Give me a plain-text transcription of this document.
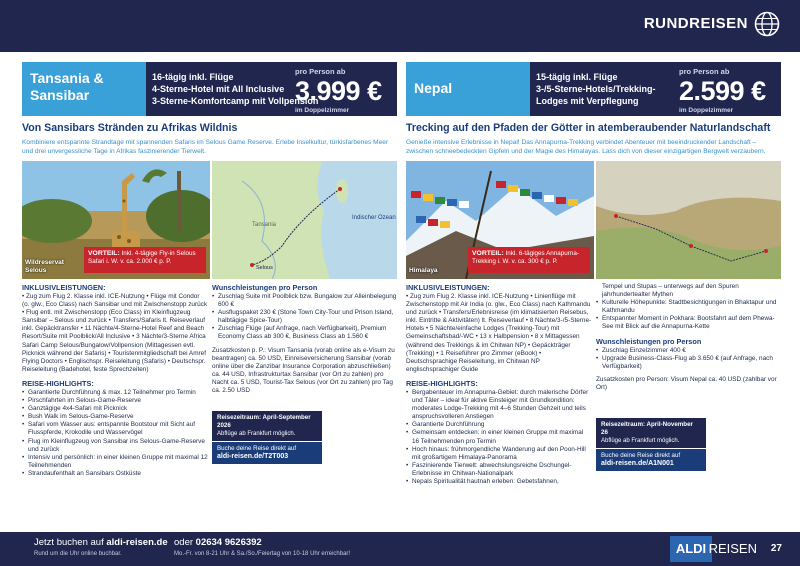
RUNDREISEN
Tansania & Sansibar
16-tägig inkl. Flüge
4-Sterne-Hotel mit All Inclusive
3-Sterne-Komfortcamp mit Vollpension
pro Person ab
3.999 €
im Doppelzimmer
Von Sansibars Stränden zu Afrikas Wildnis

Kombiniere entspannte Strandtage mit spannenden Safaris im Selous Game Reserve. Erlebe Inselkultur, türkisfarbenes Meer und drei unvergessliche Tage in Afrikas faszinierender Tierwelt.

Wildreservat Selous
VORTEIL: Inkl. 4-tägige Fly-in Selous Safari i. W. v. ca. 2.000 € p. P.
Indischer Ozean
Tansania
Selous
INKLUSIVLEISTUNGEN:

• Zug zum Flug 2. Klasse inkl. ICE-Nutzung • Flüge mit Condor (o. glw., Eco Class) nach Sansibar und mit Zwischenstopp zurück • Flug entl. mit Zwischenstopp (Eco Class) im Kleinflugzeug Sansibar – Selous und zurück • Transfers/Safaris lt. Reiseverlauf inkl. Gepäcktransfer • 11 Nächte/4-Sterne-Hotel Reef and Beach Resort/Suite mit Poolblick/All Inclusive • 3 Nächte/3-Sterne Africa Safari Camp Selous/Bungalow/Vollpension (Mittagessen evtl. Picknick während der Safaris) • Touristenmitgliedschaft bei Amref Flying Doctors • Englischspr. Reiseleitung (Safaris) • Deutschspr. Reiseleitung (Badehotel, feste Sprechzeiten)

REISE-HIGHLIGHTS:
• Garantierte Durchführung & max. 12 Teilnehmer pro Termin
• Pirschfahrten im Selous-Game-Reserve
• Ganztägige 4x4-Safari mit Picknick
• Bush Walk im Selous-Game-Reserve
• Safari vom Wasser aus: entspannte Bootstour mit Sicht auf Flusspferde, Krokodile und Wasservögel
• Flug im Kleinflugzeug von Sansibar ins Selous-Game-Reserve und zurück
• Intensiv und persönlich: in einer kleinen Gruppe mit maximal 12 Teilnehmenden
• Strandaufenthalt an Sansibars Ostküste
Wunschleistungen pro Person
• Zuschlag Suite mit Poolblick bzw. Bungalow zur Alleinbelegung 600 €
• Ausflugspaket 230 € (Stone Town City-Tour und Prison Island, halbtägige Spice-Tour)
• Zuschlag Flüge (auf Anfrage, nach Verfügbarkeit), Premium Economy Class ab 300 €, Business Class ab 1.560 €

Zusatzkosten p. P.: Visum Tansania (vorab online als e-Visum zu beantragen) ca. 50 USD, Einreiseversicherung Sansibar (vorab online über die Zanzibar Insurance Corporation abzuschließen) ca. 44 USD, Infrastrukturtax Sansibar (vor Ort zu zahlen) pro Nacht ca. 5 USD, Tourist-Tax Selous (vor Ort zu zahlen) pro Tag ca. 2.50 USD

Reisezeitraum: April-September 2026
Abflüge ab Frankfurt möglich.
Buche deine Reise direkt auf
aldi-reisen.de/T2T003
Nepal
15-tägig inkl. Flüge
3-/5-Sterne-Hotels/Trekking-
Lodges mit Verpflegung
pro Person ab
2.599 €
im Doppelzimmer
Trecking auf den Pfaden der Götter in atemberaubender Naturlandschaft

Genieße intensive Erlebnisse in Nepal! Das Annapurna-Trekking verbindet Abenteuer mit beeindruckender Landschaft – zwischen schneebedeckten Gipfeln und der Magie des Himalayas. Lass dich von dieser einzigartigen Bergwelt verzaubern.

Himalaya
VORTEIL: Inkl. 6-tägiges Annapurna-Trekking i. W. v. ca. 300 € p. P.
INKLUSIVLEISTUNGEN:

• Zug zum Flug 2. Klasse inkl. ICE-Nutzung • Linienflüge mit Zwischenstopp mit Air India (o. glw., Eco Class) nach Kathmandu und zurück • Transfers/Erlebnisreise (im klimatisierten Reisebus, inkl. Eintritte & Aktivitäten) lt. Reiseverlauf • 8 Nächte/3-/5-Sterne-Hotels • 5 Nächte/einfache Lodges (Trekking-Tour) mit Gemeinschaftsbad/-WC • 13 x Halbpension • 8 x Mittagessen (während des Trekkings & im Chitwan NP) • Gepäckträger (Trekking) • 1 Reiseführer pro Zimmer (eBook) • Deutschsprachige Reiseleitung, im Chitwan NP englischsprachiger Guide

REISE-HIGHLIGHTS:
• Bergabenteuer im Annapurna-Gebiet: durch malerische Dörfer und Täler – ideal für aktive Einsteiger mit Grundkondition: moderates Lodge-Trekking mit 4–6 Stunden Gehzeit und teils anspruchsvolleren Anstiegen
• Garantierte Durchführung
• Gemeinsam entdecken: in einer kleinen Gruppe mit maximal 16 Teilnehmenden pro Termin
• Hoch hinaus: frühmorgendliche Wanderung auf den Poon-Hill mit großartigem Himalaya-Panorama
• Faszinierende Tierwelt: abwechslungsreiche Dschungel-Erlebnisse im Chitwan-Nationalpark
• Nepals Spiritualität hautnah erleben: Gebetsfahnen,

Tempel und Stupas – unterwegs auf den Spuren jahrhundertealter Mythen

• Kulturelle Höhepunkte: Stadtbesichtigungen in Bhaktapur und Kathmandu
• Entspannter Moment in Pokhara: Bootsfahrt auf dem Phewa-See mit Blick auf die Annapurna-Kette
Wunschleistungen pro Person
• Zuschlag Einzelzimmer 400 €
• Upgrade Business-Class-Flug ab 3.650 € (auf Anfrage, nach Verfügbarkeit)

Zusatzkosten pro Person: Visum Nepal ca. 40 USD (zahlbar vor Ort)

Reisezeitraum: April-November 26
Abflüge ab Frankfurt möglich.
Buche deine Reise direkt auf
aldi-reisen.de/A1N001
Jetzt buchen auf aldi-reisen.de
Rund um die Uhr online buchbar.
oder 02634 9626392
Mo.-Fr. von 8-21 Uhr & Sa./So./Feiertag von 10-18 Uhr erreichbar!	ALDI REISEN 27
